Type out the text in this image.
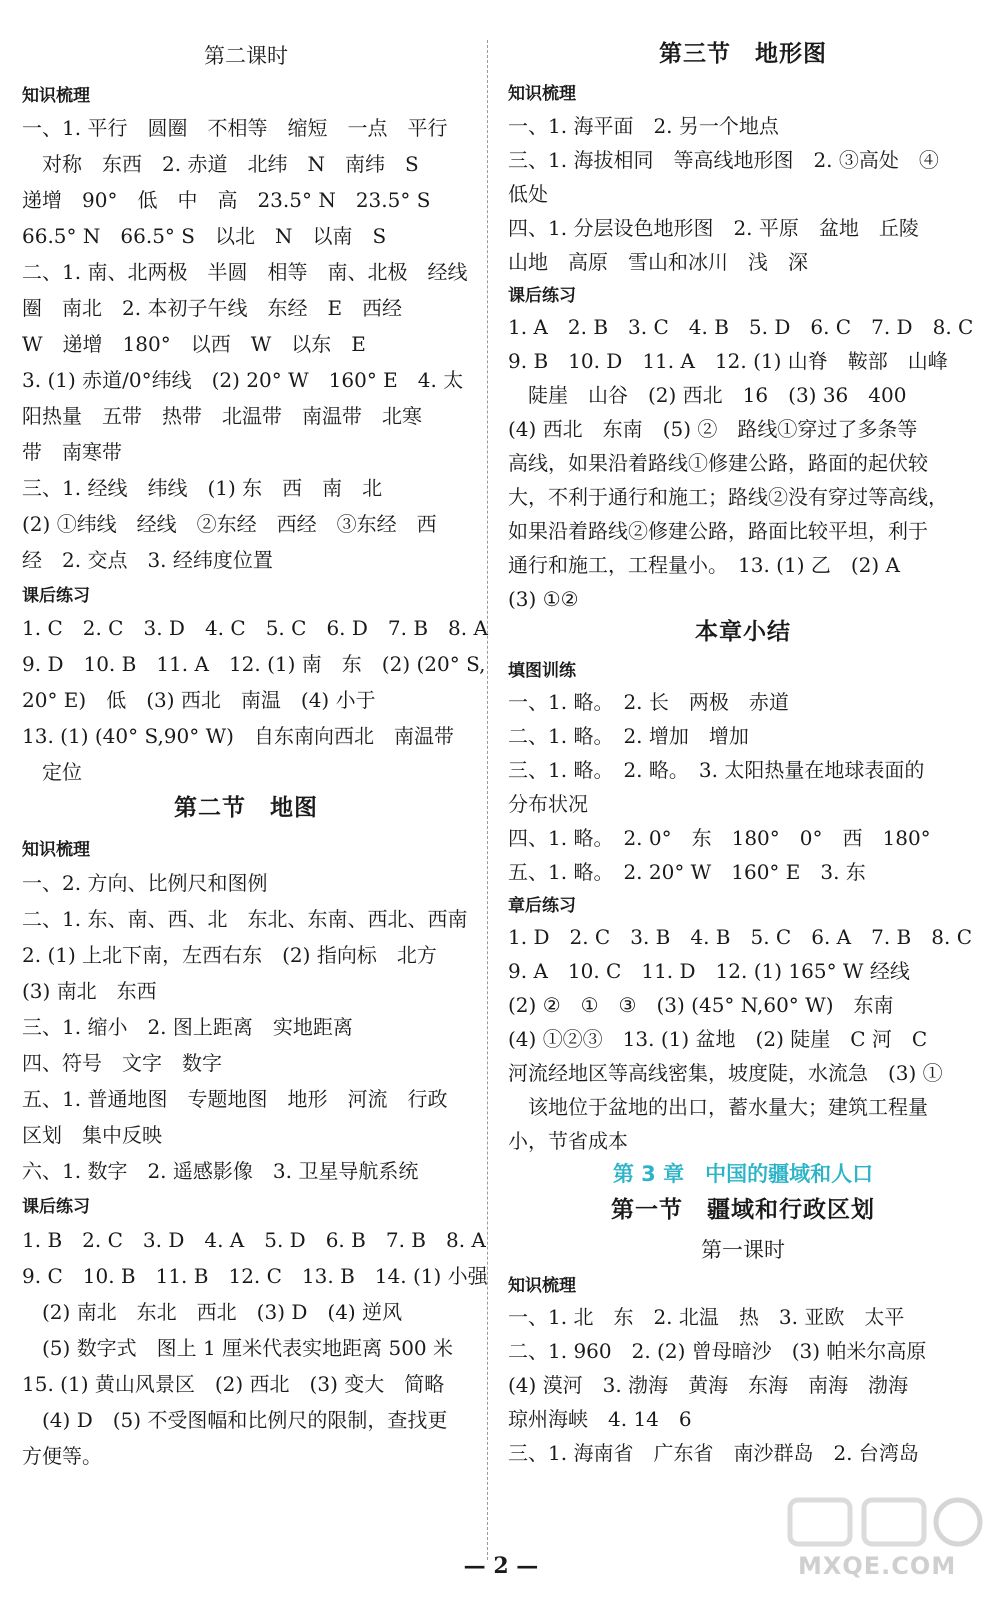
第二课时
知识梳理
一、1. 平行　圆圈　不相等　缩短　一点　平行
对称　东西　2. 赤道　北纬　N　南纬　S
递增　90°　低　中　高　23.5° N　23.5° S
66.5° N　66.5° S　以北　N　以南　S
二、1. 南、北两极　半圆　相等　南、北极　经线
圈　南北　2. 本初子午线　东经　E　西经
W　递增　180°　以西　W　以东　E
3. (1) 赤道/0°纬线　(2) 20° W　160° E　4. 太
阳热量　五带　热带　北温带　南温带　北寒
带　南寒带
三、1. 经线　纬线　(1) 东　西　南　北
(2) ①纬线　经线　②东经　西经　③东经　西
经　2. 交点　3. 经纬度位置
课后练习
1. C　2. C　3. D　4. C　5. C　6. D　7. B　8. A
9. D　10. B　11. A　12. (1) 南　东　(2) (20° S,
20° E)　低　(3) 西北　南温　(4) 小于
13. (1) (40° S,90° W)　自东南向西北　南温带
定位
第二节　地图
知识梳理
一、2. 方向、比例尺和图例
二、1. 东、南、西、北　东北、东南、西北、西南
2. (1) 上北下南，左西右东　(2) 指向标　北方
(3) 南北　东西
三、1. 缩小　2. 图上距离　实地距离
四、符号　文字　数字
五、1. 普通地图　专题地图　地形　河流　行政
区划　集中反映
六、1. 数字　2. 遥感影像　3. 卫星导航系统
课后练习
1. B　2. C　3. D　4. A　5. D　6. B　7. B　8. A
9. C　10. B　11. B　12. C　13. B　14. (1) 小强
(2) 南北　东北　西北　(3) D　(4) 逆风
(5) 数字式　图上 1 厘米代表实地距离 500 米
15. (1) 黄山风景区　(2) 西北　(3) 变大　简略
(4) D　(5) 不受图幅和比例尺的限制，查找更
方便等。
第三节　地形图
知识梳理
一、1. 海平面　2. 另一个地点
三、1. 海拔相同　等高线地形图　2. ③高处　④
低处
四、1. 分层设色地形图　2. 平原　盆地　丘陵
山地　高原　雪山和冰川　浅　深
课后练习
1. A　2. B　3. C　4. B　5. D　6. C　7. D　8. C
9. B　10. D　11. A　12. (1) 山脊　鞍部　山峰
陡崖　山谷　(2) 西北　16　(3) 36　400
(4) 西北　东南　(5) ②　路线①穿过了多条等
高线，如果沿着路线①修建公路，路面的起伏较
大，不利于通行和施工；路线②没有穿过等高线，
如果沿着路线②修建公路，路面比较平坦，利于
通行和施工，工程量小。　13. (1) 乙　(2) A
(3) ①②
本章小结
填图训练
一、1. 略。　2. 长　两极　赤道
二、1. 略。　2. 增加　增加
三、1. 略。　2. 略。　3. 太阳热量在地球表面的
分布状况
四、1. 略。　2. 0°　东　180°　0°　西　180°
五、1. 略。　2. 20° W　160° E　3. 东
章后练习
1. D　2. C　3. B　4. B　5. C　6. A　7. B　8. C
9. A　10. C　11. D　12. (1) 165° W 经线
(2) ②　①　③　(3) (45° N,60° W)　东南
(4) ①②③　13. (1) 盆地　(2) 陡崖　C 河　C
河流经地区等高线密集，坡度陡，水流急　(3) ①
该地位于盆地的出口，蓄水量大；建筑工程量
小，节省成本
第 3 章　中国的疆域和人口
第一节　疆域和行政区划
第一课时
知识梳理
一、1. 北　东　2. 北温　热　3. 亚欧　太平
二、1. 960　2. (2) 曾母暗沙　(3) 帕米尔高原
(4) 漠河　3. 渤海　黄海　东海　南海　渤海
琼州海峡　4. 14　6
三、1. 海南省　广东省　南沙群岛　2. 台湾岛
— 2 —	MXQE.COM
